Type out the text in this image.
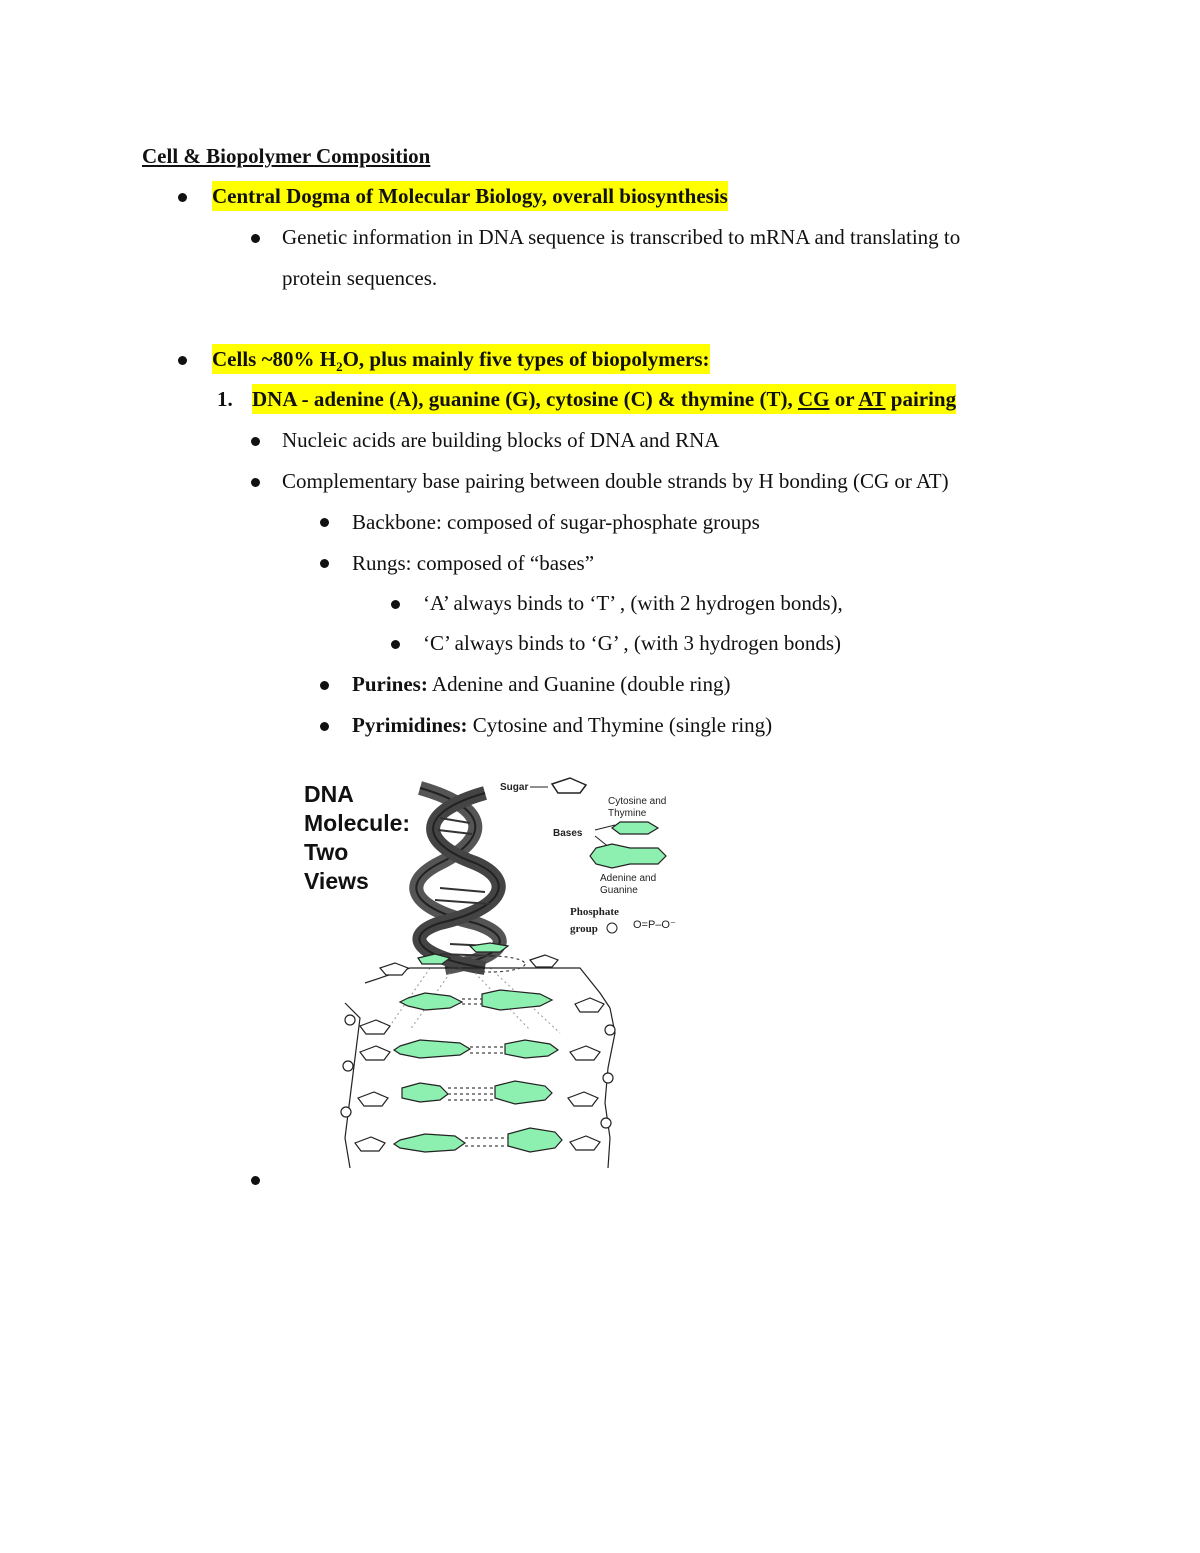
Cell & Biopolymer Composition
Central Dogma of Molecular Biology, overall biosynthesis
Genetic information in DNA sequence is transcribed to mRNA and translating to
protein sequences.
Cells ~80% $H_2O$, plus mainly five types of biopolymers:
1. DNA - adenine (A), guanine (G), cytosine (C) & thymine (T), CG or AT pairing
Nucleic acids are building blocks of DNA and RNA
Complementary base pairing between double strands by H bonding (CG or AT)
Backbone: composed of sugar-phosphate groups
Rungs: composed of “bases”
‘A’ always binds to ‘T’ , (with 2 hydrogen bonds),
‘C’ always binds to ‘G’ , (with 3 hydrogen bonds)
Purines: Adenine and Guanine (double ring)
Pyrimidines: Cytosine and Thymine (single ring)
DNA
Molecule:
Two
Views
Sugar
Cytosine and
Thymine
Bases
Adenine and
Guanine
Phosphate
group	O=P–O⁻
